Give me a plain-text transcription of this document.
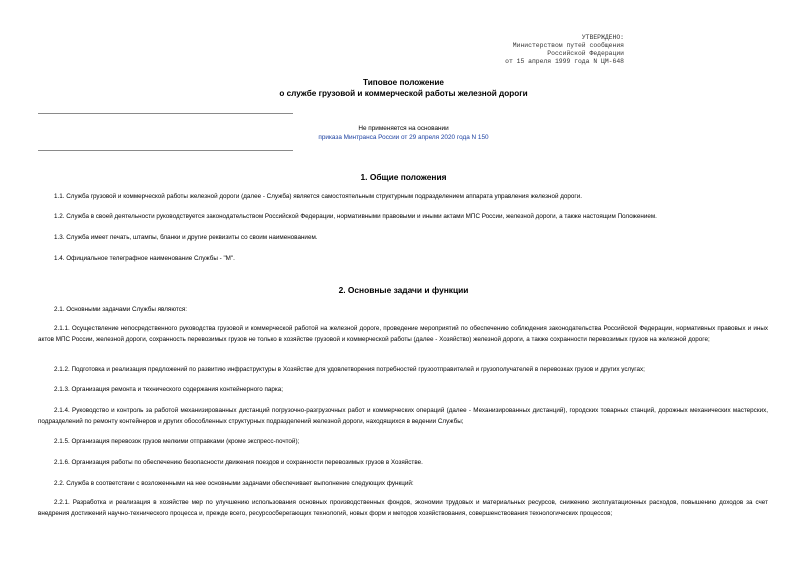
УТВЕРЖДЕНО:
Министерством путей сообщения
Российской Федерации
от 15 апреля 1999 года N ЦМ-648
Типовое положение
о службе грузовой и коммерческой работы железной дороги
Не применяется на основании
приказа Минтранса России от 29 апреля 2020 года N 150
1. Общие положения
1.1. Служба грузовой и коммерческой работы железной дороги (далее - Служба) является самостоятельным структурным подразделением аппарата управления железной дороги.
1.2. Служба в своей деятельности руководствуется законодательством Российской Федерации, нормативными правовыми и иными актами МПС России, железной дороги, а также настоящим Положением.
1.3. Служба имеет печать, штампы, бланки и другие реквизиты со своим наименованием.
1.4. Официальное телеграфное наименование Службы - "М".
2. Основные задачи и функции
2.1. Основными задачами Службы являются:
2.1.1. Осуществление непосредственного руководства грузовой и коммерческой работой на железной дороге, проведение мероприятий по обеспечению соблюдения законодательства Российской Федерации, нормативных правовых и иных актов МПС России, железной дороги, сохранность перевозимых грузов не только в хозяйстве грузовой и коммерческой работы (далее - Хозяйство) железной дороги, а также сохранности перевозимых грузов на железной дороге;
2.1.2. Подготовка и реализация предложений по развитию инфраструктуры в Хозяйстве для удовлетворения потребностей грузоотправителей и грузополучателей в перевозках грузов и других услугах;
2.1.3. Организация ремонта и технического содержания контейнерного парка;
2.1.4. Руководство и контроль за работой механизированных дистанций погрузочно-разгрузочных работ и коммерческих операций (далее - Механизированных дистанций), городских товарных станций, дорожных механических мастерских, подразделений по ремонту контейнеров и других обособленных структурных подразделений железной дороги, находящихся в ведении Службы;
2.1.5. Организация перевозок грузов мелкими отправками (кроме экспресс-почтой);
2.1.6. Организация работы по обеспечению безопасности движения поездов и сохранности перевозимых грузов в Хозяйстве.
2.2. Служба в соответствии с возложенными на нее основными задачами обеспечивает выполнение следующих функций:
2.2.1. Разработка и реализация в хозяйстве мер по улучшению использования основных производственных фондов, экономии трудовых и материальных ресурсов, снижению эксплуатационных расходов, повышению доходов за счет внедрения достижений научно-технического процесса и, прежде всего, ресурсосберегающих технологий, новых форм и методов хозяйствования, совершенствования технологических процессов;
